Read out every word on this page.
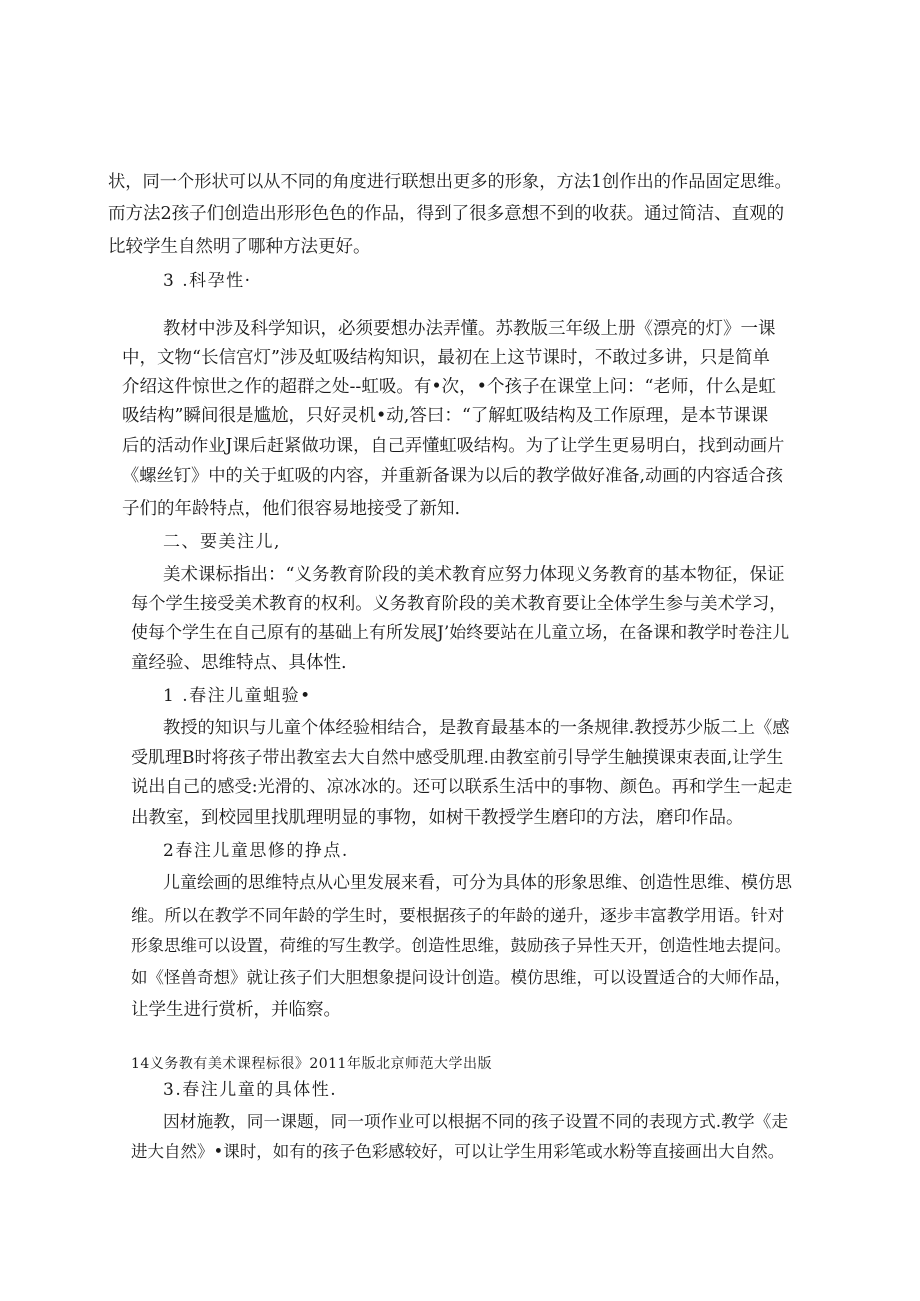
状，同一个形状可以从不同的角度进行联想出更多的形象，方法1创作出的作品固定思维。
而方法2孩子们创造出形形色色的作品，得到了很多意想不到的收获。通过简洁、直观的
比较学生自然明了哪种方法更好。
3 .科孕性·
教材中涉及科学知识，必须要想办法弄懂。苏教版三年级上册《漂亮的灯》一课
中，文物“长信宫灯”涉及虹吸结构知识，最初在上这节课时，不敢过多讲，只是简单
介绍这件惊世之作的超群之处--虹吸。有•次，•个孩子在课堂上问：“老师，什么是虹
吸结构”瞬间很是尴尬，只好灵机•动,答曰：“了解虹吸结构及工作原理，是本节课课
后的活动作业J课后赶紧做功课，自己弄懂虹吸结构。为了让学生更易明白，找到动画片
《螺丝钉》中的关于虹吸的内容，并重新备课为以后的教学做好准备,动画的内容适合孩
子们的年龄特点，他们很容易地接受了新知.
二、要美注儿,
美术课标指出：“义务教育阶段的美术教育应努力体现义务教育的基本物征，保证
每个学生接受美术教育的权利。义务教育阶段的美术教育要让全体学生参与美术学习，
使每个学生在自己原有的基础上有所发展J’始终要站在儿童立场，在备课和教学时卷注儿
童经验、思维特点、具体性.
1 .春注儿童蛆验•
教授的知识与儿童个体经验相结合，是教育最基本的一条规律.教授苏少版二上《感
受肌理B时将孩子带出教室去大自然中感受肌理.由教室前引导学生触摸课束表面,让学生
说出自己的感受:光滑的、凉冰冰的。还可以联系生活中的事物、颜色。再和学生一起走
出教室，到校园里找肌理明显的事物，如树干教授学生磨印的方法，磨印作品。
2春注儿童思修的挣点.
儿童绘画的思维特点从心里发展来看，可分为具体的形象思维、创造性思维、模仿思
维。所以在教学不同年龄的学生时，要根据孩子的年龄的递升，逐步丰富教学用语。针对
形象思维可以设置，荷维的写生教学。创造性思维，鼓励孩子异性天开，创造性地去提问。
如《怪兽奇想》就让孩子们大胆想象提问设计创造。模仿思维，可以设置适合的大师作品，
让学生进行赏析，并临察。
14义务教有美术课程标很》2011年版北京师范大学出版
3.春注儿童的具体性.
因材施教，同一课题，同一项作业可以根据不同的孩子设置不同的表现方式.教学《走
进大自然》•课时，如有的孩子色彩感较好，可以让学生用彩笔或水粉等直接画出大自然。
